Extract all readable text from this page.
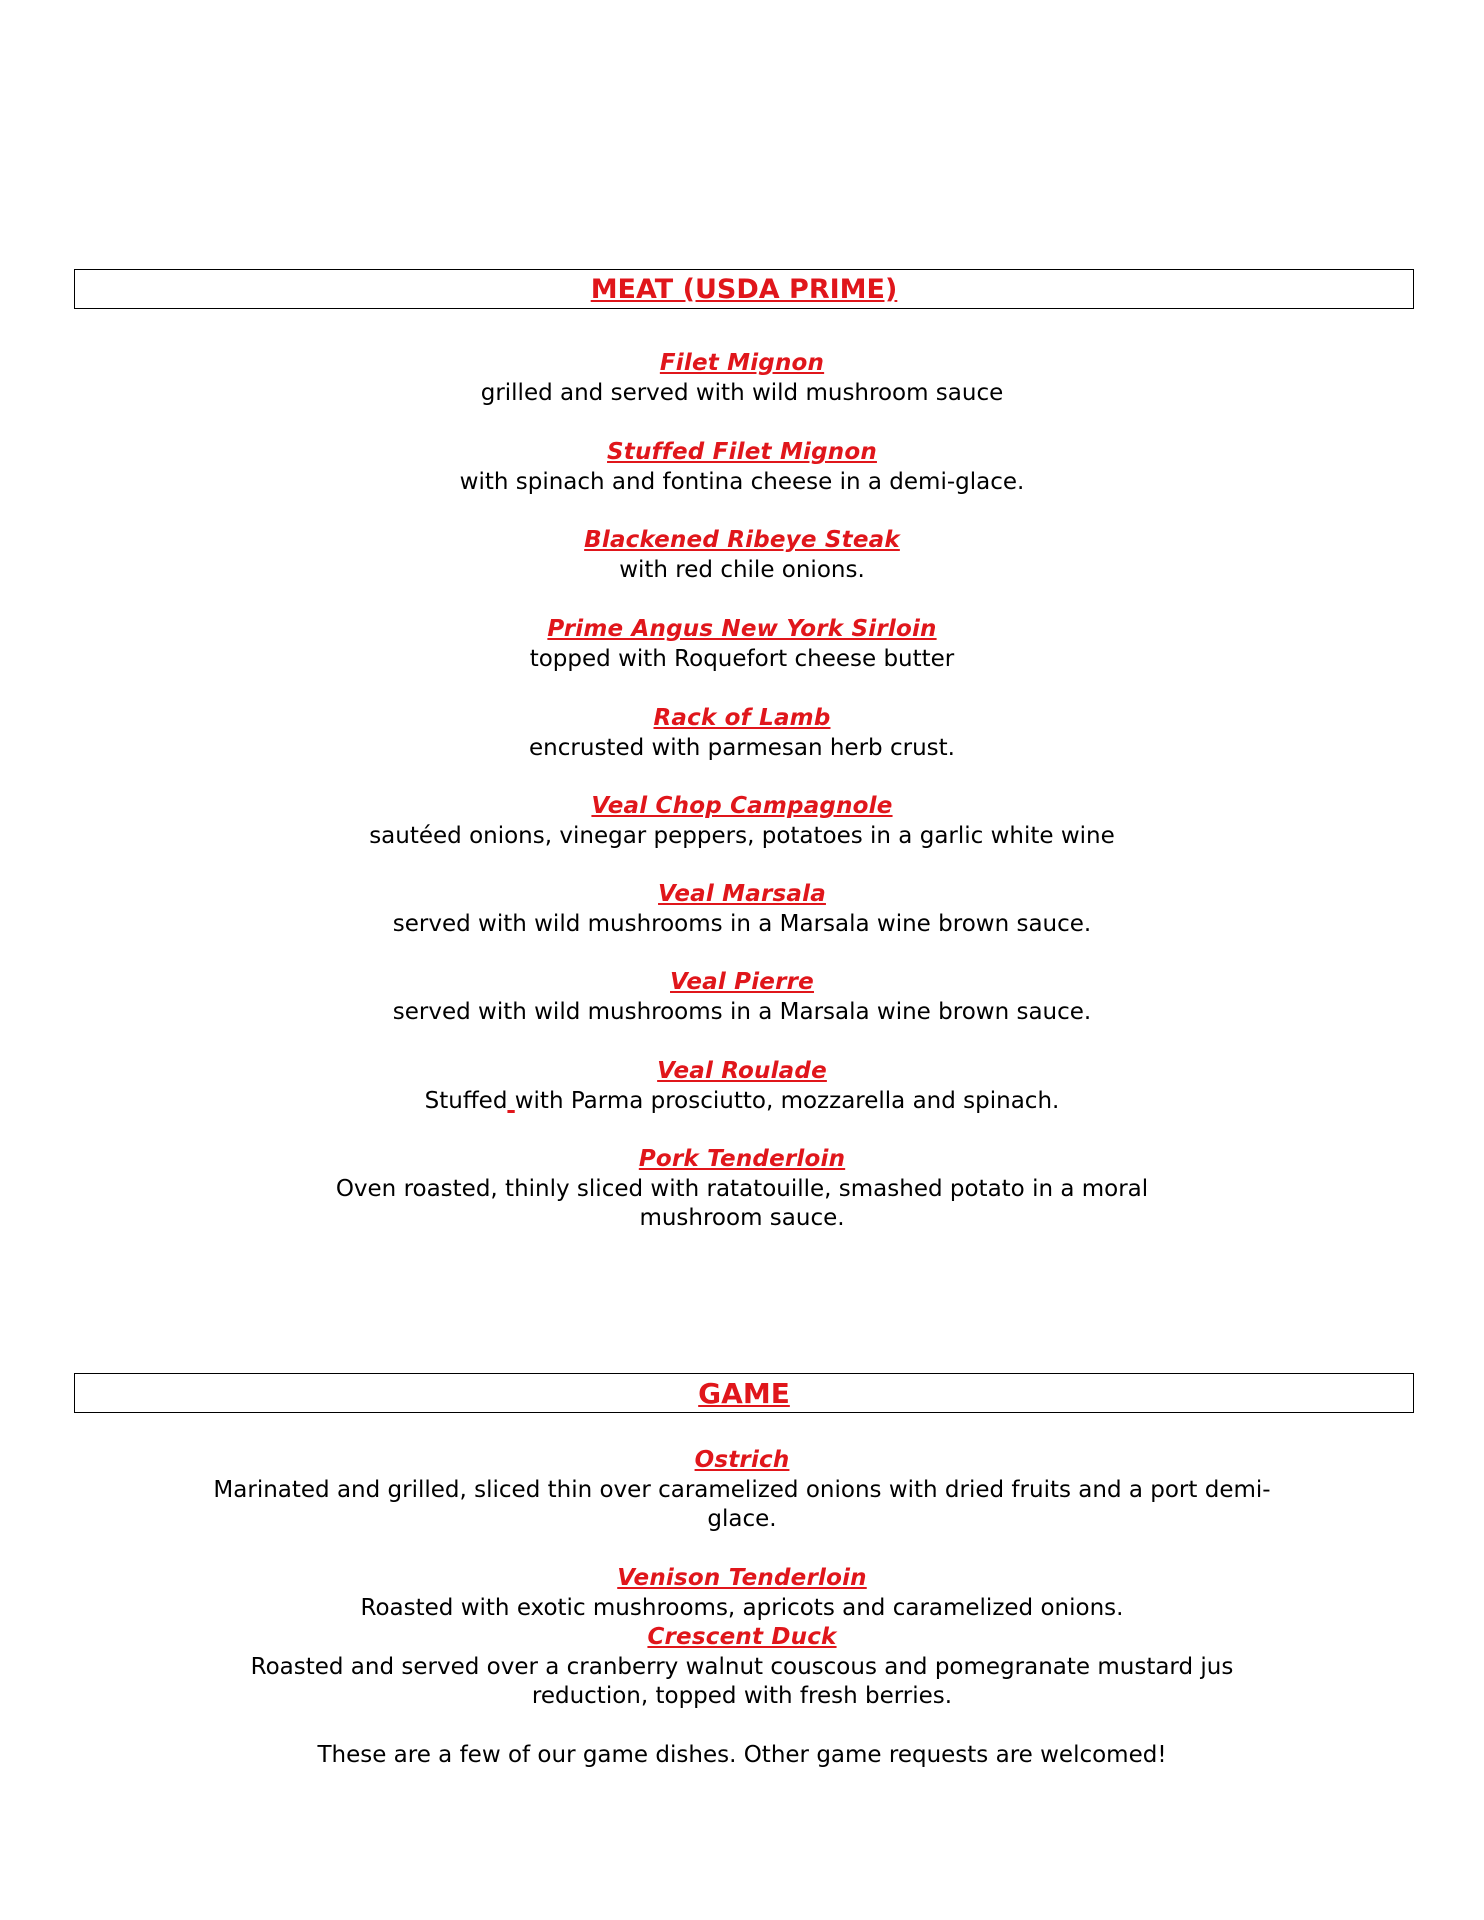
MEAT (USDA PRIME)
Filet Mignon
grilled and served with wild mushroom sauce
Stuffed Filet Mignon
with spinach and fontina cheese in a demi-glace.
Blackened Ribeye Steak
with red chile onions.
Prime Angus New York Sirloin
topped with Roquefort cheese butter
Rack of Lamb
encrusted with parmesan herb crust.
Veal Chop Campagnole
sautéed onions, vinegar peppers, potatoes in a garlic white wine
Veal Marsala
served with wild mushrooms in a Marsala wine brown sauce.
Veal Pierre
served with wild mushrooms in a Marsala wine brown sauce.
Veal Roulade
Stuffed with Parma prosciutto, mozzarella and spinach.
Pork Tenderloin
Oven roasted, thinly sliced with ratatouille, smashed potato in a moral mushroom sauce.
GAME
Ostrich
Marinated and grilled, sliced thin over caramelized onions with dried fruits and a port demi-glace.
Venison Tenderloin
Roasted with exotic mushrooms, apricots and caramelized onions.
Crescent Duck
Roasted and served over a cranberry walnut couscous and pomegranate mustard jus reduction, topped with fresh berries.
These are a few of our game dishes. Other game requests are welcomed!
